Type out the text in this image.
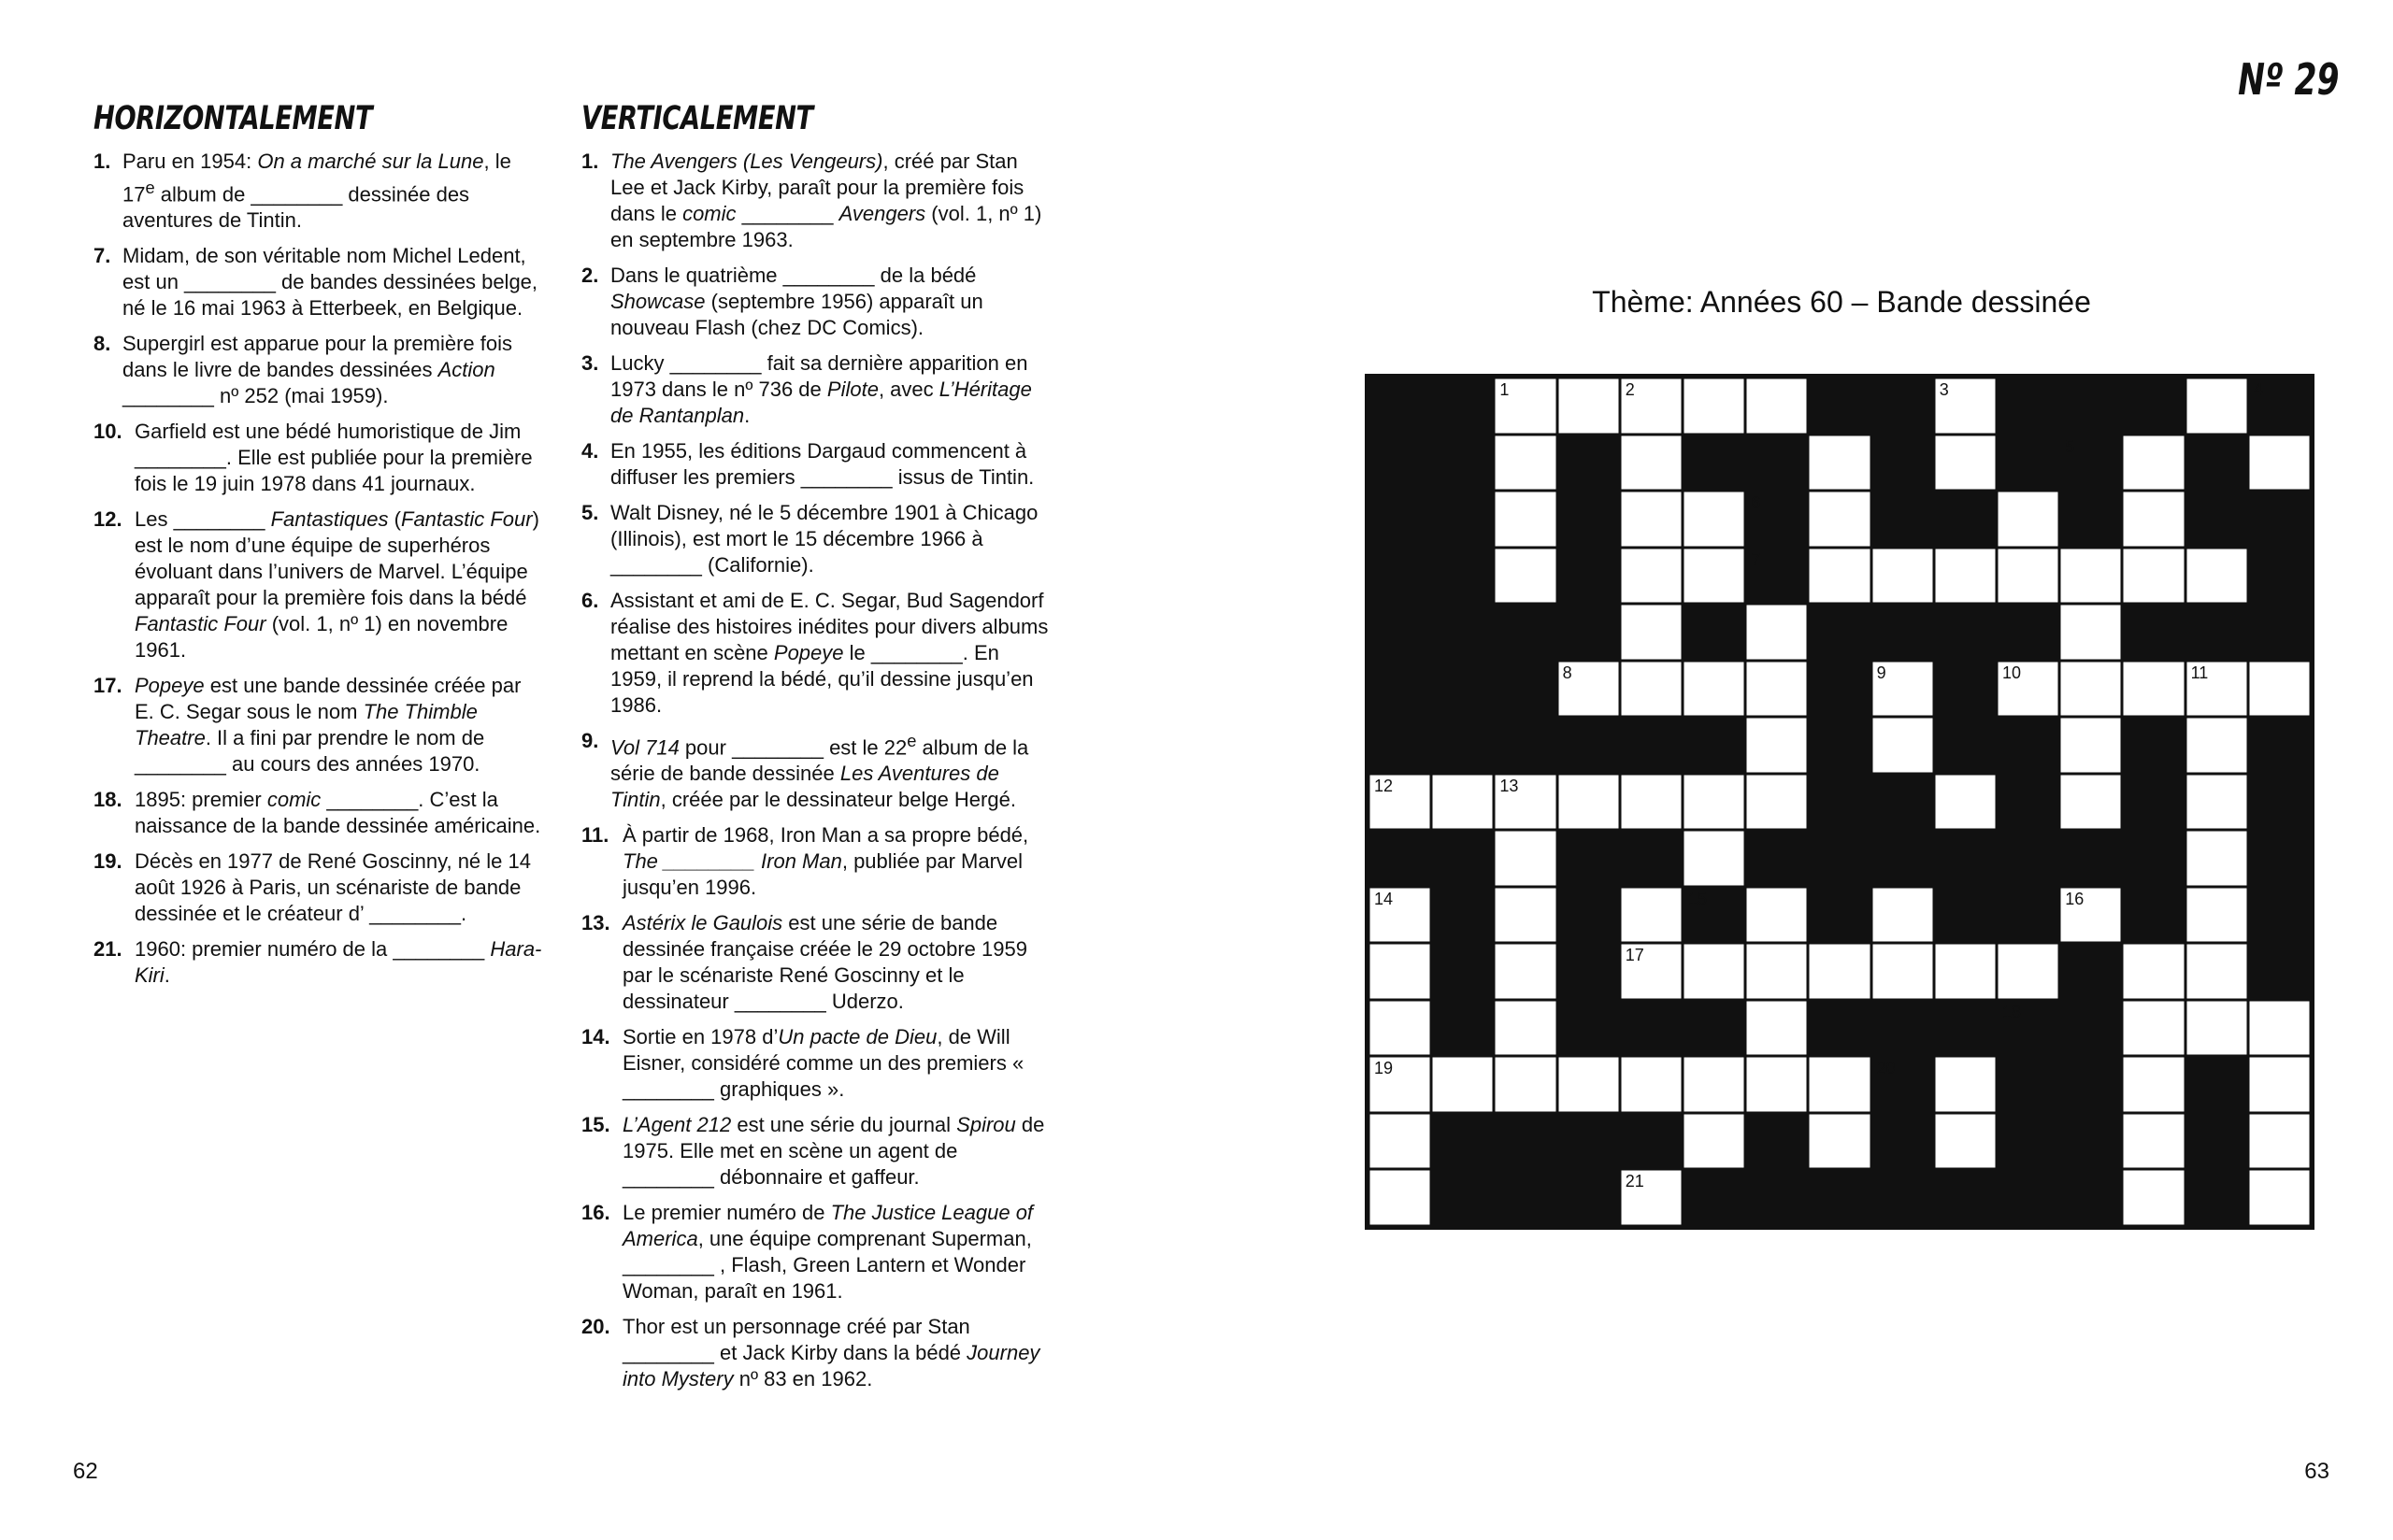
HORIZONTALEMENT
1. Paru en 1954: On a marché sur la Lune, le 17e album de ________ dessinée des aventures de Tintin.
7. Midam, de son véritable nom Michel Ledent, est un ________ de bandes dessinées belge, né le 16 mai 1963 à Etterbeek, en Belgique.
8. Supergirl est apparue pour la première fois dans le livre de bandes dessinées Action ________ nº 252 (mai 1959).
10. Garfield est une bédé humoristique de Jim ________. Elle est publiée pour la première fois le 19 juin 1978 dans 41 journaux.
12. Les ________ Fantastiques (Fantastic Four) est le nom d’une équipe de superhéros évoluant dans l’univers de Marvel. L’équipe apparaît pour la première fois dans la bédé Fantastic Four (vol. 1, nº 1) en novembre 1961.
17. Popeye est une bande dessinée créée par E. C. Segar sous le nom The Thimble Theatre. Il a fini par prendre le nom de ________ au cours des années 1970.
18. 1895: premier comic ________. C’est la naissance de la bande dessinée américaine.
19. Décès en 1977 de René Goscinny, né le 14 août 1926 à Paris, un scénariste de bande dessinée et le créateur d’ ________.
21. 1960: premier numéro de la ________ Hara-Kiri.
VERTICALEMENT
1. The Avengers (Les Vengeurs), créé par Stan Lee et Jack Kirby, paraît pour la première fois dans le comic ________ Avengers (vol. 1, nº 1) en septembre 1963.
2. Dans le quatrième ________ de la bédé Showcase (septembre 1956) apparaît un nouveau Flash (chez DC Comics).
3. Lucky ________ fait sa dernière apparition en 1973 dans le nº 736 de Pilote, avec L’Héritage de Rantanplan.
4. En 1955, les éditions Dargaud commencent à diffuser les premiers ________ issus de Tintin.
5. Walt Disney, né le 5 décembre 1901 à Chicago (Illinois), est mort le 15 décembre 1966 à ________ (Californie).
6. Assistant et ami de E. C. Segar, Bud Sagendorf réalise des histoires inédites pour divers albums mettant en scène Popeye le ________. En 1959, il reprend la bédé, qu’il dessine jusqu’en 1986.
9. Vol 714 pour ________ est le 22e album de la série de bande dessinée Les Aventures de Tintin, créée par le dessinateur belge Hergé.
11. À partir de 1968, Iron Man a sa propre bédé, The ________ Iron Man, publiée par Marvel jusqu’en 1996.
13. Astérix le Gaulois est une série de bande dessinée française créée le 29 octobre 1959 par le scénariste René Goscinny et le dessinateur ________ Uderzo.
14. Sortie en 1978 d’Un pacte de Dieu, de Will Eisner, considéré comme un des premiers « ________ graphiques ».
15. L’Agent 212 est une série du journal Spirou de 1975. Elle met en scène un agent de ________ débonnaire et gaffeur.
16. Le premier numéro de The Justice League of America, une équipe comprenant Superman, ________ , Flash, Green Lantern et Wonder Woman, paraît en 1961.
20. Thor est un personnage créé par Stan ________ et Jack Kirby dans la bédé Journey into Mystery nº 83 en 1962.
Nº 29
Thème: Années 60 – Bande dessinée
1	2	3	4
5
6
7
8	9	10	11
12	13
14	15	16
17
18
19	20
21
62	63
